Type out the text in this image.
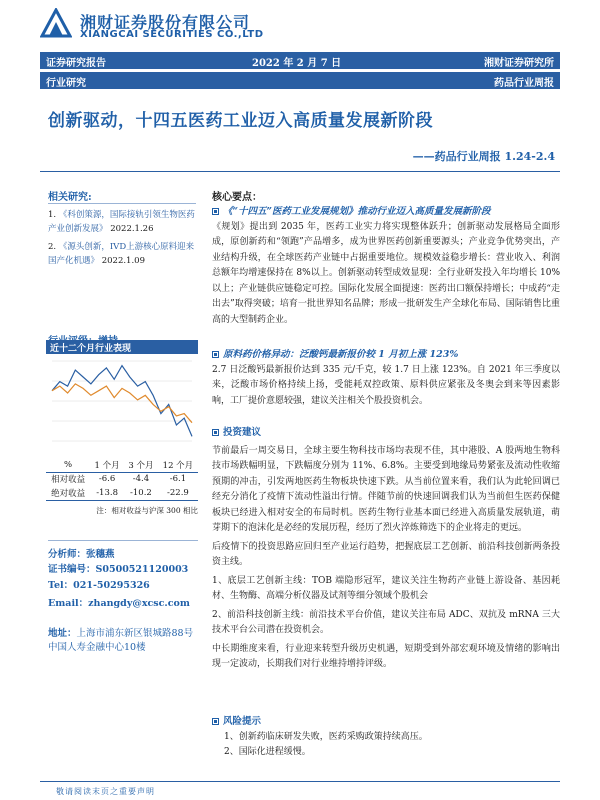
湘财证券股份有限公司
XIANGCAI SECURITIES CO.,LTD
证券研究报告	2022 年 2 月 7 日	湘财证券研究所
行业研究	药品行业周报
创新驱动，十四五医药工业迈入高质量发展新阶段
——药品行业周报 1.24-2.4
相关研究:
1. 《科创策源，国际接轨引领生物医药产业创新发展》 2022.1.26
2. 《源头创新，IVD上游核心原料迎来国产化机遇》 2022.1.09
近十二个月行业表现
%	1 个月	3 个月	12 个月
相对收益	-6.6	-4.4	-6.1
绝对收益	-13.8	-10.2	-22.9
注：相对收益与沪深 300 相比
分析师：张穗燕
证书编号：S0500521120003
Tel：021-50295326
Email：zhangdy@xcsc.com
地址：上海市浦东新区银城路88号中国人寿金融中心10楼
核心要点：
《“十四五”医药工业发展规划》推动行业迈入高质量发展新阶段
《规划》提出到 2035 年，医药工业实力将实现整体跃升；创新驱动发展格局全面形成，原创新药和“领跑”产品增多，成为世界医药创新重要源头；产业竞争优势突出，产业结构升级，在全球医药产业链中占据重要地位。规模效益稳步增长：营业收入、利润总额年均增速保持在 8%以上。创新驱动转型成效显现：全行业研发投入年均增长 10%以上；产业链供应链稳定可控。国际化发展全面提速：医药出口额保持增长；中成药“走出去”取得突破；培育一批世界知名品牌；形成一批研发生产全球化布局、国际销售比重高的大型制药企业。
原料药价格异动：泛酸钙最新报价较 1 月初上涨 123%
2.7 日泛酸钙最新报价达到 335 元/千克，较 1.7 日上涨 123%。自 2021 年三季度以来，泛酸市场价格持续上扬，受能耗双控政策、原料供应紧张及冬奥会到来等因素影响，工厂提价意愿较强，建议关注相关个股投资机会。
投资建议
节前最后一周交易日，全球主要生物科技市场均表现不佳，其中港股、A 股两地生物科技市场跌幅明显，下跌幅度分别为 11%、6.8%。主要受到地缘局势紧张及流动性收缩预期的冲击，引发两地医药生物板块快速下跌。从当前位置来看，我们认为此轮回调已经充分消化了疫情下流动性溢出行情。伴随节前的快速回调我们认为当前但生医药保健板块已经进入相对安全的布局时机。医药生物行业基本面已经进入高质量发展轨道，萌芽期下的泡沫化是必经的发展历程，经历了烈火淬炼筛选下的企业将走的更远。
后疫情下的投资思路应回归至产业运行趋势，把握底层工艺创新、前沿科技创新两条投资主线。
1、底层工艺创新主线：TOB 端隐形冠军，建议关注生物药产业链上游设备、基因耗材、生物酶、高端分析仪器及试剂等细分领域个股机会
2、前沿科技创新主线：前沿技术平台价值，建议关注布局 ADC、双抗及 mRNA 三大技术平台公司潜在投资机会。
中长期维度来看，行业迎来转型升级历史机遇，短期受到外部宏观环境及情绪的影响出现一定波动，长期我们对行业维持增持评级。
风险提示
1、创新药临床研发失败，医药采购政策持续高压。
2、国际化进程缓慢。
敬请阅读末页之重要声明
